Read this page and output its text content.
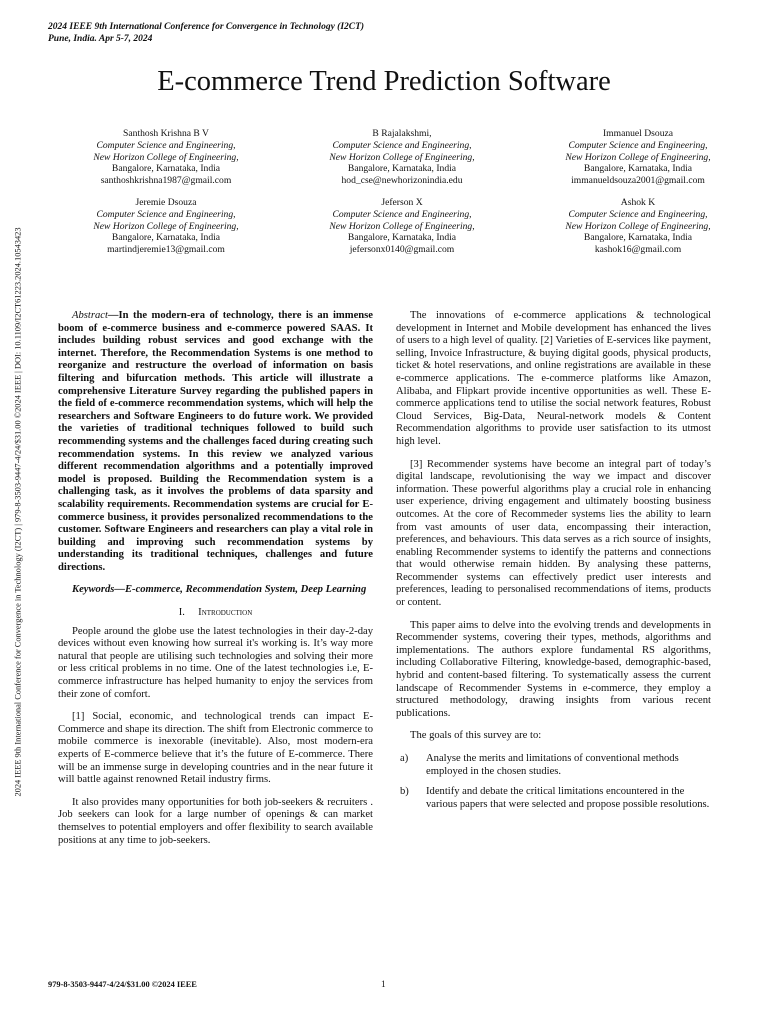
2024 IEEE 9th International Conference for Convergence in Technology (I2CT)
Pune, India. Apr 5-7, 2024
E-commerce Trend Prediction Software
Santhosh Krishna B V
Computer Science and Engineering,
New Horizon College of Engineering,
Bangalore, Karnataka, India
santhoshkrishna1987@gmail.com
B Rajalakshmi,
Computer Science and Engineering,
New Horizon College of Engineering,
Bangalore, Karnataka, India
hod_cse@newhorizonindia.edu
Immanuel Dsouza
Computer Science and Engineering,
New Horizon College of Engineering,
Bangalore, Karnataka, India
immanueldsouza2001@gmail.com
Jeremie Dsouza
Computer Science and Engineering,
New Horizon College of Engineering,
Bangalore, Karnataka, India
martindjeremie13@gmail.com
Jeferson X
Computer Science and Engineering,
New Horizon College of Engineering,
Bangalore, Karnataka, India
jefersonx0140@gmail.com
Ashok K
Computer Science and Engineering,
New Horizon College of Engineering,
Bangalore, Karnataka, India
kashok16@gmail.com
2024 IEEE 9th International Conference for Convergence in Technology (I2CT) | 979-8-3503-9447-4/24/$31.00 ©2024 IEEE | DOI: 10.1109/I2CT61223.2024.10543423	Abstract—In the modern-era of technology, there is an immense boom of e-commerce business and e-commerce powered SAAS. It includes building robust services and good exchange with the internet. Therefore, the Recommendation Systems is one method to reorganize and restructure the overload of information on basis filtering and bifurcation methods. This article will illustrate a comprehensive Literature Survey regarding the published papers in the field of e-commerce recommendation systems, which will help the researchers and Software Engineers to do future work. We provided the varieties of traditional techniques followed to build such recommending systems and the challenges faced during creating such recommendation systems. In this review we analyzed various different recommendation algorithms and a potentially improved model is proposed. Building the Recommendation system is a challenging task, as it involves the problems of data sparsity and scalability requirements. Recommendation systems are crucial for E-commerce business, it provides personalized recommendations to the customer. Software Engineers and researchers can play a vital role in building and improving such recommendation systems by understanding its traditional techniques, challenges and future directions.

Keywords—E-commerce, Recommendation System, Deep Learning

I. Introduction

People around the globe use the latest technologies in their day-2-day devices without even knowing how surreal it's working is. It’s way more natural that people are utilising such technologies and solving their more or less critical problems in no time. One of the latest technologies i.e, E-commerce infrastructure has helped humanity to enjoy the services from their zone of comfort.

[1] Social, economic, and technological trends can impact E-Commerce and shape its direction. The shift from Electronic commerce to mobile commerce is inexorable (inevitable). Also, most modern-era experts of E-commerce believe that it’s the future of E-commerce. There will be an immense surge in developing countries and in the near future it will battle against renowned Retail industry firms.

It also provides many opportunities for both job-seekers & recruiters . Job seekers can look for a large number of openings & can market themselves to potential employers and offer flexibility to search available positions at any time to job-seekers.

The innovations of e-commerce applications & technological development in Internet and Mobile development has enhanced the lives of users to a high level of quality. [2] Varieties of E-services like payment, selling, Invoice Infrastructure, & buying digital goods, physical products, ticket & hotel reservations, and online registrations are available in these e-commerce applications. The e-commerce platforms like Amazon, Alibaba, and Flipkart provide incentive opportunities as well. These E-commerce applications tend to utilise the social network features, Robust Cloud Services, Big-Data, Neural-network models & Content Recommendation algorithms to provide user satisfaction to its utmost high level.

[3] Recommender systems have become an integral part of today’s digital landscape, revolutionising the way we impact and discover information. These powerful algorithms play a crucial role in enhancing user experience, driving engagement and ultimately boosting business outcomes. At the core of Recommeder systems lies the ability to learn from vast amounts of user data, encompassing their interaction, preferences, and behaviours. This data serves as a rich source of insights, enabling Recommender systems to identify the patterns and connections that would otherwise remain hidden. By analysing these patterns, Recommender systems can effectively predict user interests and preferences, leading to personalised recommendations of items, products or content.

This paper aims to delve into the evolving trends and developments in Recommender systems, covering their types, methods, algorithms and implementations. The authors explore fundamental RS algorithms, including Collaborative Filtering, knowledge-based, demographic-based, hybrid and content-based filtering. To systematically assess the current landscape of Recommender Systems in e-commerce, they employ a structured methodology, drawing insights from various recent publications.

The goals of this survey are to:

a)	Analyse the merits and limitations of conventional methods employed in the chosen studies.
b)	Identify and debate the critical limitations encountered in the various papers that were selected and propose possible resolutions.
979-8-3503-9447-4/24/$31.00 ©2024 IEEE	1
